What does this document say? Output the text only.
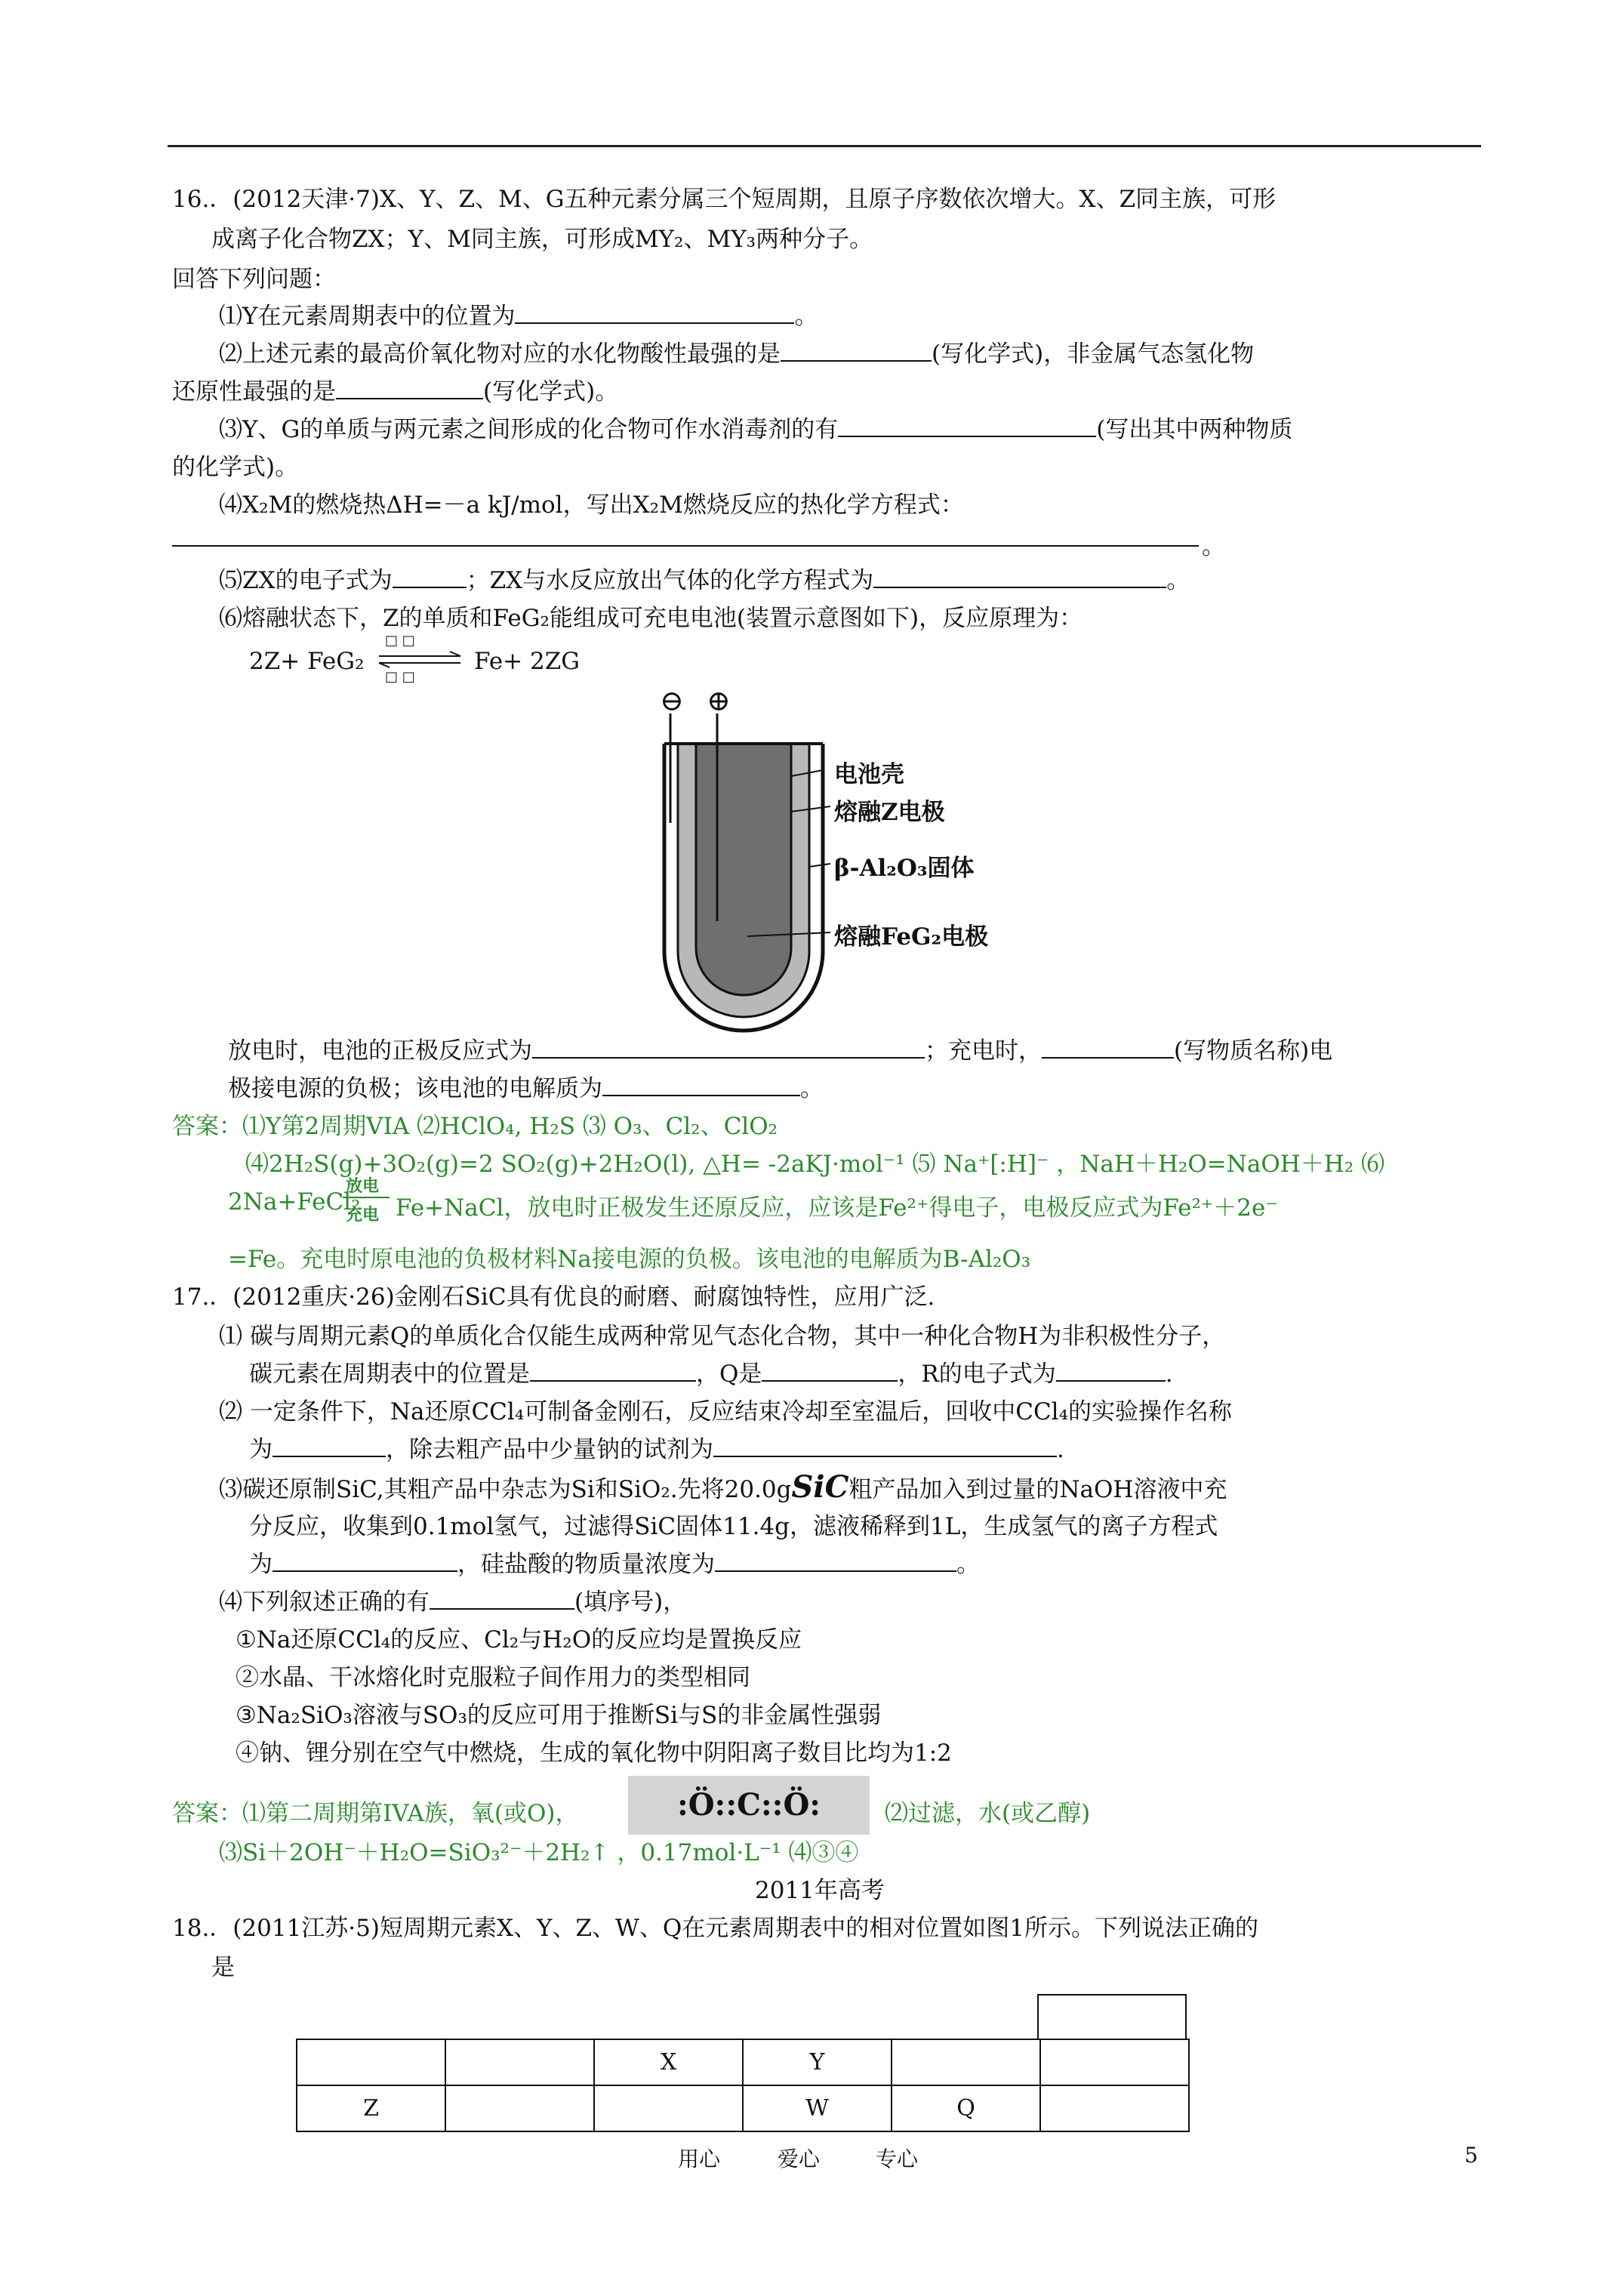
16.．(2012天津·7)X、Y、Z、M、G五种元素分属三个短周期，且原子序数依次增大。X、Z同主族，可形
成离子化合物ZX；Y、M同主族，可形成MY₂、MY₃两种分子。
回答下列问题：
⑴Y在元素周期表中的位置为	。
⑵上述元素的最高价氧化物对应的水化物酸性最强的是	(写化学式)，非金属气态氢化物
还原性最强的是	(写化学式)。
⑶Y、G的单质与两元素之间形成的化合物可作水消毒剂的有	(写出其中两种物质
的化学式)。
⑷X₂M的燃烧热ΔH=－a kJ/mol，写出X₂M燃烧反应的热化学方程式：
。
⑸ZX的电子式为	；ZX与水反应放出气体的化学方程式为	。
⑹熔融状态下，Z的单质和FeG₂能组成可充电电池(装置示意图如下)，反应原理为：
2Z+ FeG₂
□ □
□ □
Fe+ 2ZG
⊖ ⊕
电池壳
熔融Z电极
β-Al₂O₃固体
熔融FeG₂电极
放电时，电池的正极反应式为	；充电时，	(写物质名称)电
极接电源的负极；该电池的电解质为	。
答案：⑴Y第2周期VIA ⑵HClO₄, H₂S ⑶ O₃、Cl₂、ClO₂
⑷2H₂S(g)+3O₂(g)=2 SO₂(g)+2H₂O(l), △H= -2aKJ·mol⁻¹ ⑸ Na⁺[:H]⁻ ，NaH＋H₂O=NaOH＋H₂ ⑹
2Na+FeCl₂
放电
充电 Fe+NaCl，放电时正极发生还原反应，应该是Fe²⁺得电子，电极反应式为Fe²⁺＋2e⁻
=Fe。充电时原电池的负极材料Na接电源的负极。该电池的电解质为B-Al₂O₃
17.．(2012重庆·26)金刚石SiC具有优良的耐磨、耐腐蚀特性，应用广泛.
⑴ 碳与周期元素Q的单质化合仅能生成两种常见气态化合物，其中一种化合物H为非积极性分子，
碳元素在周期表中的位置是	，Q是	，R的电子式为	.
⑵ 一定条件下，Na还原CCl₄可制备金刚石，反应结束冷却至室温后，回收中CCl₄的实验操作名称
为	，除去粗产品中少量钠的试剂为	.
⑶碳还原制SiC,其粗产品中杂志为Si和SiO₂.先将20.0gSiC粗产品加入到过量的NaOH溶液中充
分反应，收集到0.1mol氢气，过滤得SiC固体11.4g，滤液稀释到1L，生成氢气的离子方程式
为	，硅盐酸的物质量浓度为	。
⑷下列叙述正确的有	(填序号)，
①Na还原CCl₄的反应、Cl₂与H₂O的反应均是置换反应
②水晶、干冰熔化时克服粒子间作用力的类型相同
③Na₂SiO₃溶液与SO₃的反应可用于推断Si与S的非金属性强弱
④钠、锂分别在空气中燃烧，生成的氧化物中阴阳离子数目比均为1:2
答案：⑴第二周期第IVA族，氧(或O)，	:Ö::C::Ö:	⑵过滤，水(或乙醇)
⑶Si＋2OH⁻＋H₂O=SiO₃²⁻＋2H₂↑ ，0.17mol·L⁻¹ ⑷③④
2011年高考
18.．(2011江苏·5)短周期元素X、Y、Z、W、Q在元素周期表中的相对位置如图1所示。下列说法正确的
是
		X	Y		
Z			W	Q	
用心	爱心	专心	5
